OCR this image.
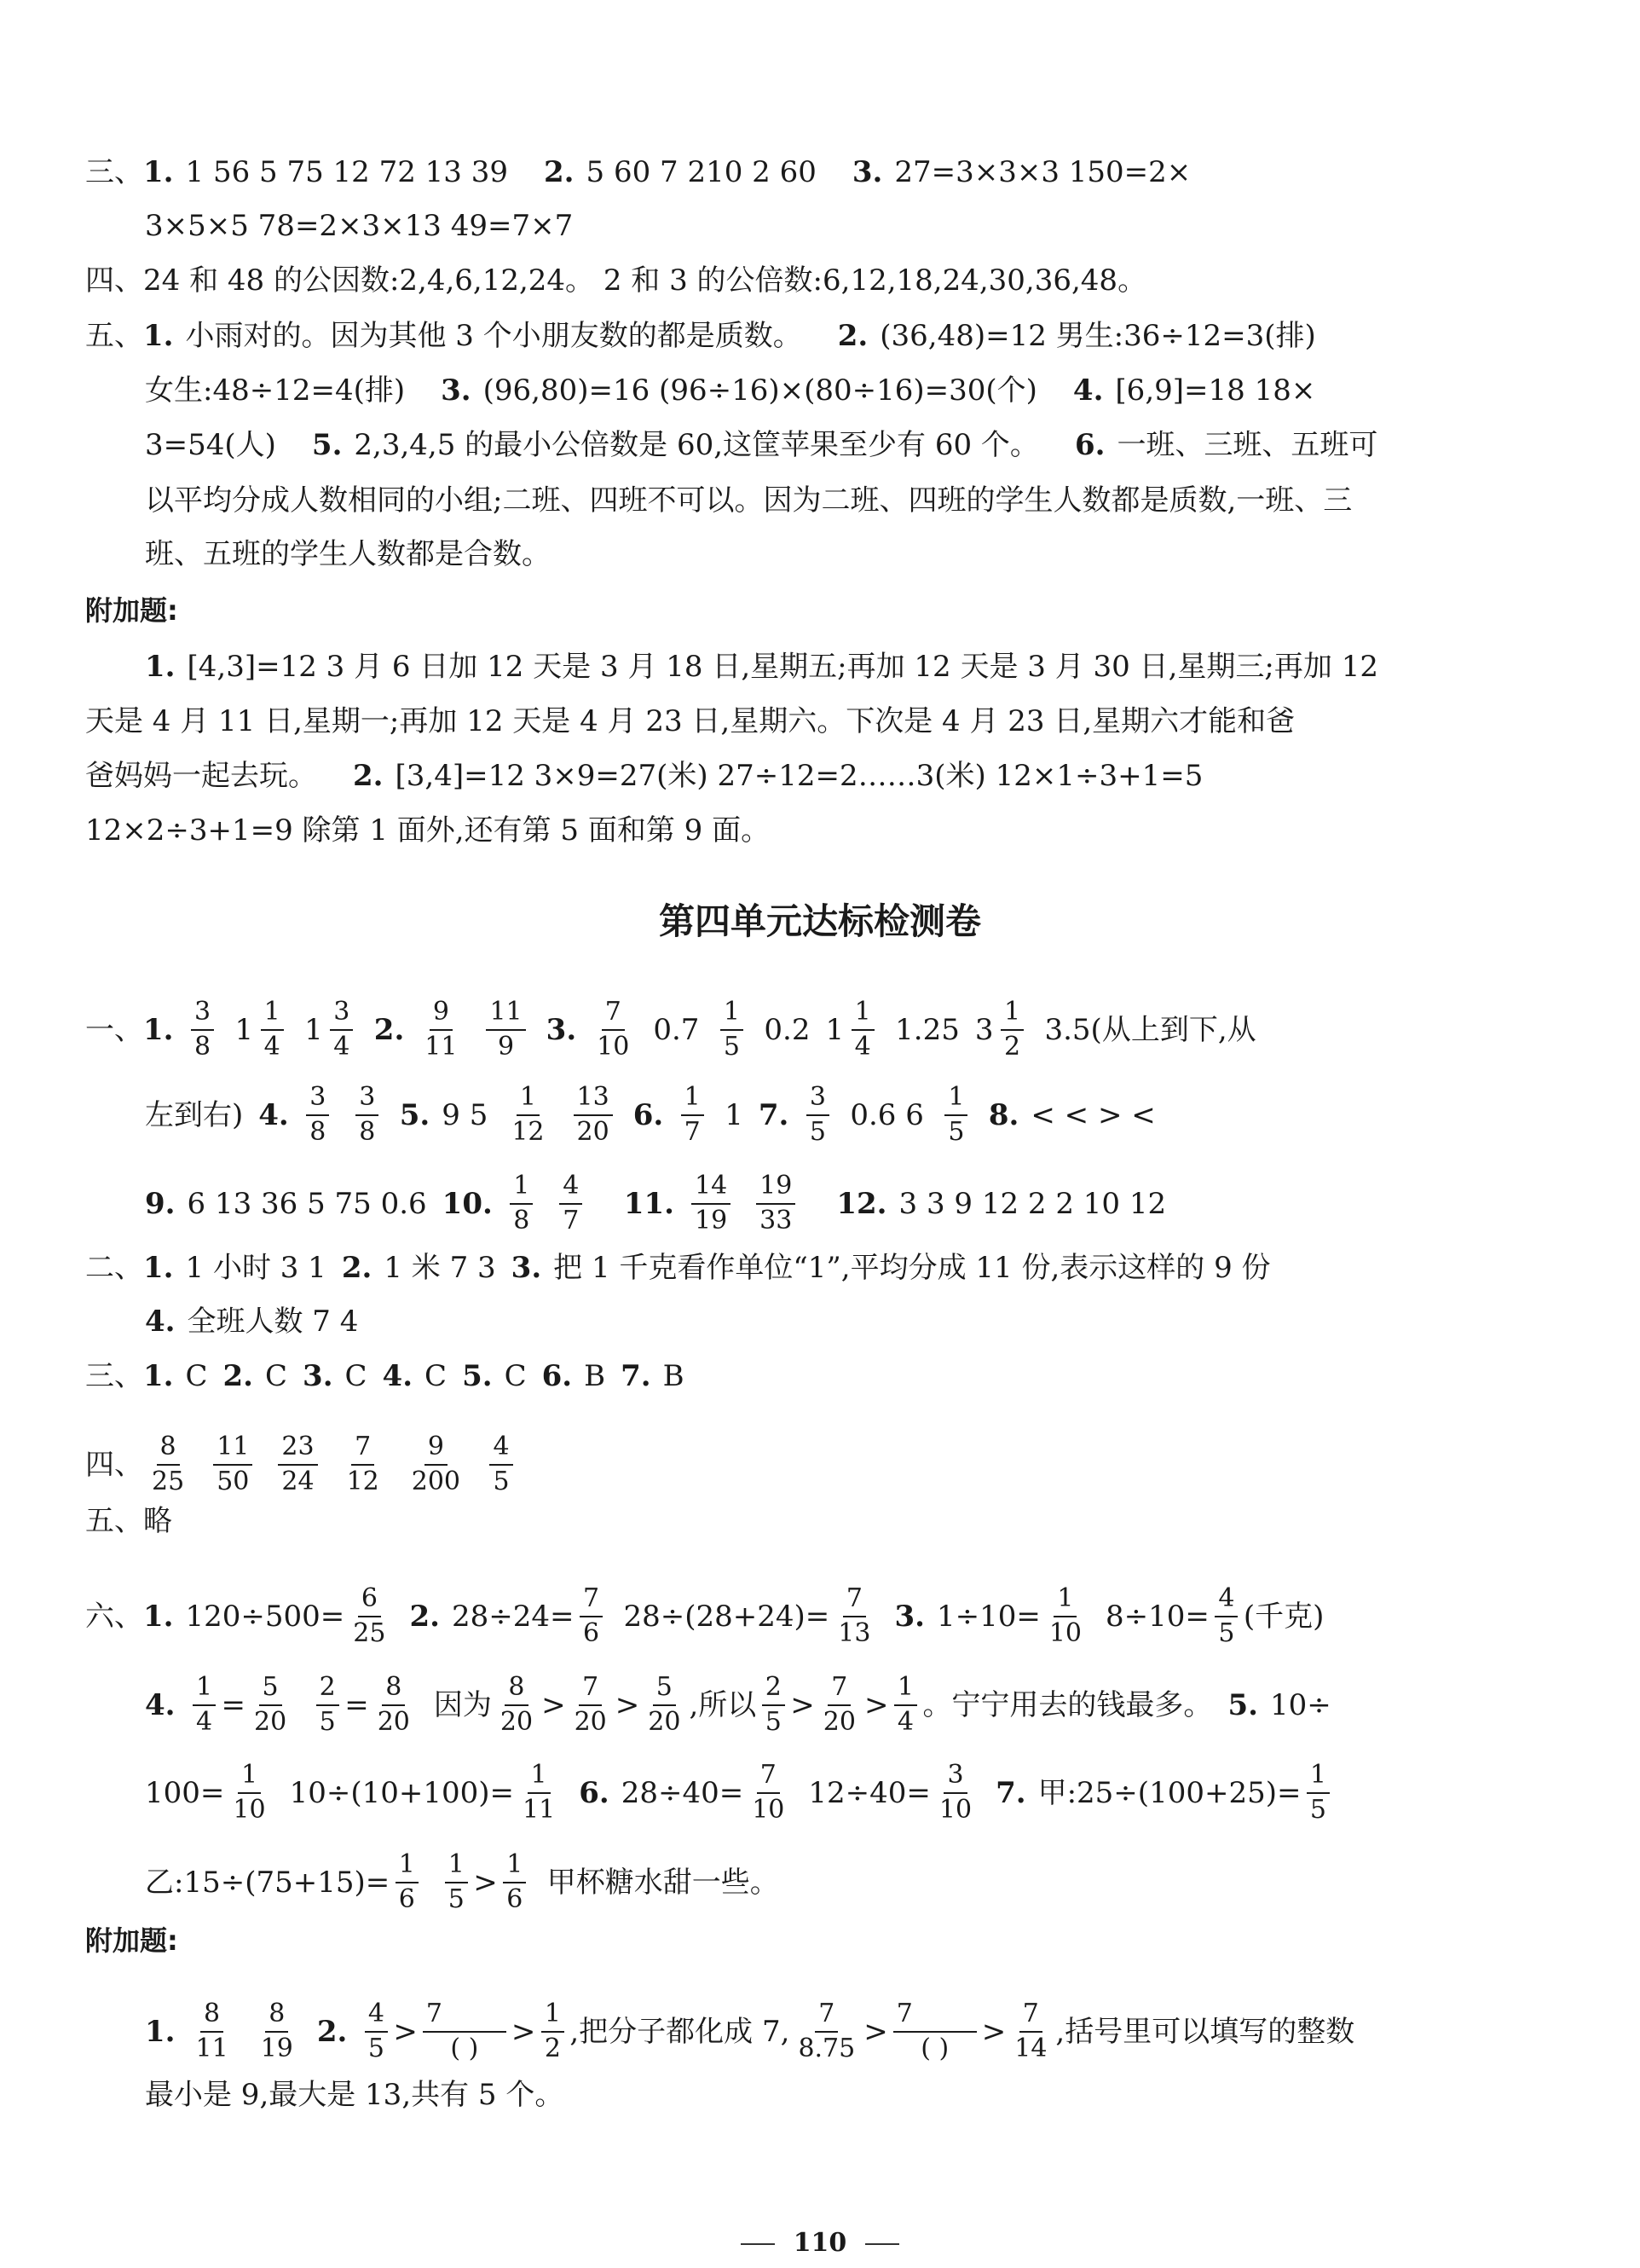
三、 1. 1 56 5 75 12 72 13 39 2. 5 60 7 210 2 60 3. 27=3×3×3 150=2×
3×5×5 78=2×3×13 49=7×7
四、24 和 48 的公因数:2,4,6,12,24。 2 和 3 的公倍数:6,12,18,24,30,36,48。
五、 1. 小雨对的。因为其他 3 个小朋友数的都是质数。 2. (36,48)=12 男生:36÷12=3(排)
女生:48÷12=4(排) 3. (96,80)=16 (96÷16)×(80÷16)=30(个) 4. [6,9]=18 18×
3=54(人) 5. 2,3,4,5 的最小公倍数是 60,这筐苹果至少有 60 个。 6. 一班、三班、五班可
以平均分成人数相同的小组;二班、四班不可以。因为二班、四班的学生人数都是质数,一班、三
班、五班的学生人数都是合数。
附加题:
1. [4,3]=12 3 月 6 日加 12 天是 3 月 18 日,星期五;再加 12 天是 3 月 30 日,星期三;再加 12
天是 4 月 11 日,星期一;再加 12 天是 4 月 23 日,星期六。下次是 4 月 23 日,星期六才能和爸
爸妈妈一起去玩。 2. [3,4]=12 3×9=27(米) 27÷12=2……3(米) 12×1÷3+1=5
12×2÷3+1=9 除第 1 面外,还有第 5 面和第 9 面。
第四单元达标检测卷
一、 1. $\frac{3}{8} 1 \frac{1}{4} 1 \frac{3}{4} 2$. $\frac{9}{11} \frac{11}{9} 3$. $\frac{7}{10} 0.7 \frac{1}{5} 0.2$ $1 \frac{1}{4} 1.25$ $3 \frac{1}{2} 3.5$(从上到下,从
左到右) 4. $\frac{3}{8} \frac{3}{8} 5$. 9 $5 \frac{1}{12} \frac{13}{20} 6$. $\frac{1}{7} 1$ 7. $\frac{3}{5} 0.6$ $6 \frac{1}{5} 8$. < < > <
9. 6 13 36 5 75 0.6 10. $\frac{1}{8} \frac{4}{7} 11$. $\frac{14}{19} \frac{19}{33} 12$. 3 3 9 12 2 2 10 12
二、 1. 1 小时 3 1 2. 1 米 7 3 3. 把 1 千克看作单位“1”,平均分成 11 份,表示这样的 9 份
4. 全班人数 7 4
三、 1. C 2. C 3. C 4. C 5. C 6. B 7. B
四、 $\frac{8}{25} \frac{11}{50} \frac{23}{24} \frac{7}{12} \frac{9}{200} \frac{4}{5}$
五、略
六、 1. $120\div 500= \frac{6}{25} 2$. $28\div 24= \frac{7}{6} 28\div(28+24)= \frac{7}{13} 3$. $1\div 10= \frac{1}{10} 8\div 10= \frac{4}{5}$ (千克)
4. $\frac{1}{4} = \frac{5}{20} \frac{2}{5} = \frac{8}{20}$ 因为 $\frac{8}{20} > \frac{7}{20} > \frac{5}{20}$ ,所以 $\frac{2}{5} > \frac{7}{20} > \frac{1}{4}$ 。宁宁用去的钱最多。 5. 10÷
$100= \frac{1}{10} 10\div(10+100)= \frac{1}{11} 6$. $28\div 40= \frac{7}{10} 12\div 40= \frac{3}{10} 7$. 甲:25÷(100+25)= $\frac{1}{5}$
乙:15÷(75+15)= $\frac{1}{6} \frac{1}{5} > \frac{1}{6}$ 甲杯糖水甜一些。
附加题:
1. $\frac{8}{11} \frac{8}{19} 2$. $\frac{4}{5} > \frac{7}{( )} > \frac{1}{2}$ ,把分子都化成 7, $\frac{7}{8.75} > \frac{7}{( )} > \frac{7}{14}$ ,括号里可以填写的整数
最小是 9,最大是 13,共有 5 个。
110
